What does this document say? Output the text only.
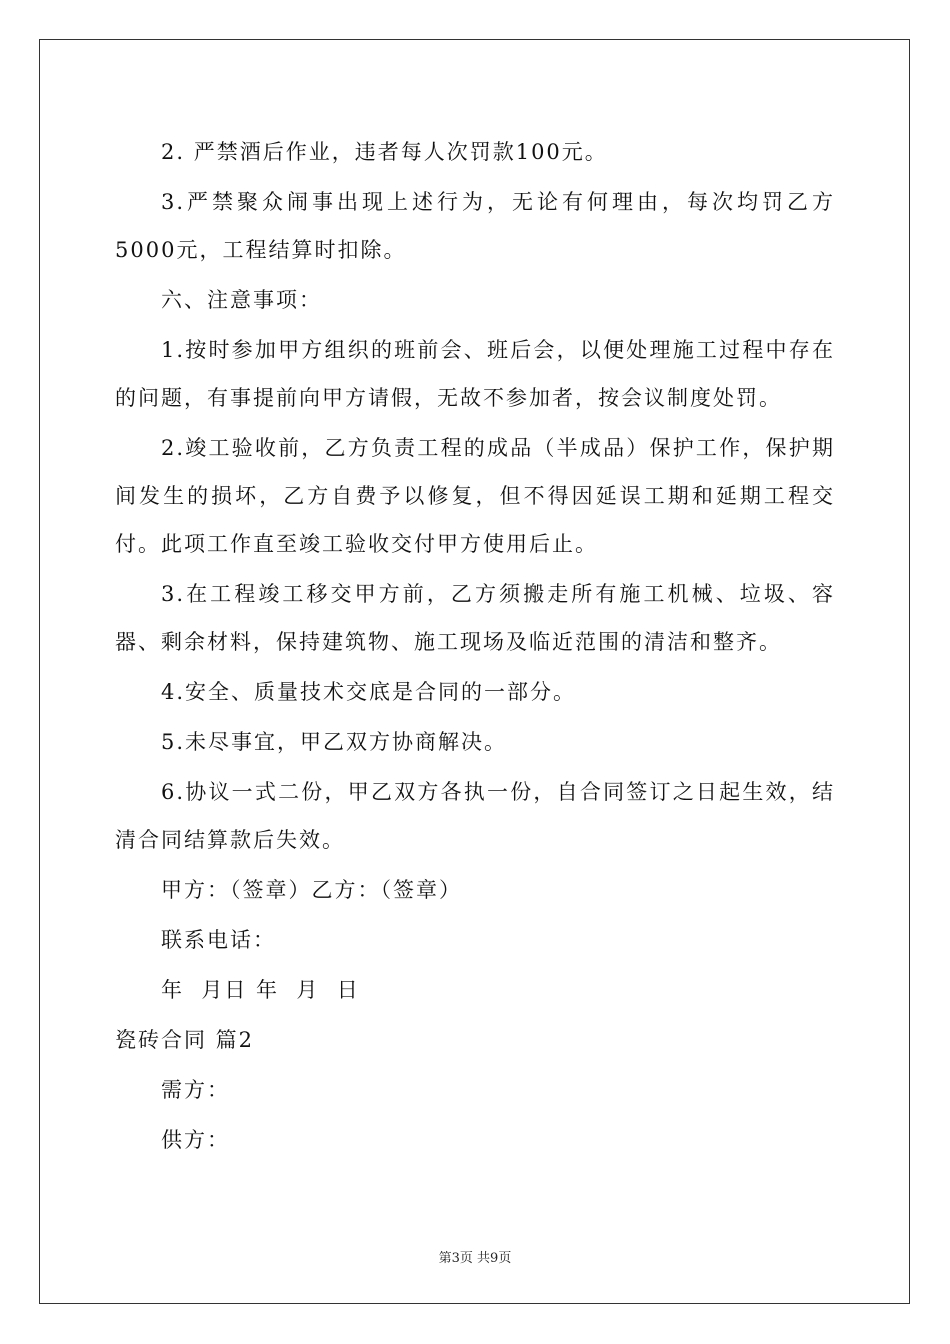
2. 严禁酒后作业，违者每人次罚款100元。

3.严禁聚众闹事出现上述行为，无论有何理由，每次均罚乙方5000元，工程结算时扣除。

六、注意事项：

1.按时参加甲方组织的班前会、班后会，以便处理施工过程中存在的问题，有事提前向甲方请假，无故不参加者，按会议制度处罚。

2.竣工验收前，乙方负责工程的成品（半成品）保护工作，保护期间发生的损坏，乙方自费予以修复，但不得因延误工期和延期工程交付。此项工作直至竣工验收交付甲方使用后止。

3.在工程竣工移交甲方前，乙方须搬走所有施工机械、垃圾、容器、剩余材料，保持建筑物、施工现场及临近范围的清洁和整齐。

4.安全、质量技术交底是合同的一部分。

5.未尽事宜，甲乙双方协商解决。

6.协议一式二份，甲乙双方各执一份，自合同签订之日起生效，结清合同结算款后失效。

甲方：（签章）乙方：（签章）

联系电话：

年  月日 年  月  日

瓷砖合同 篇2

需方：

供方：

第3页 共9页
